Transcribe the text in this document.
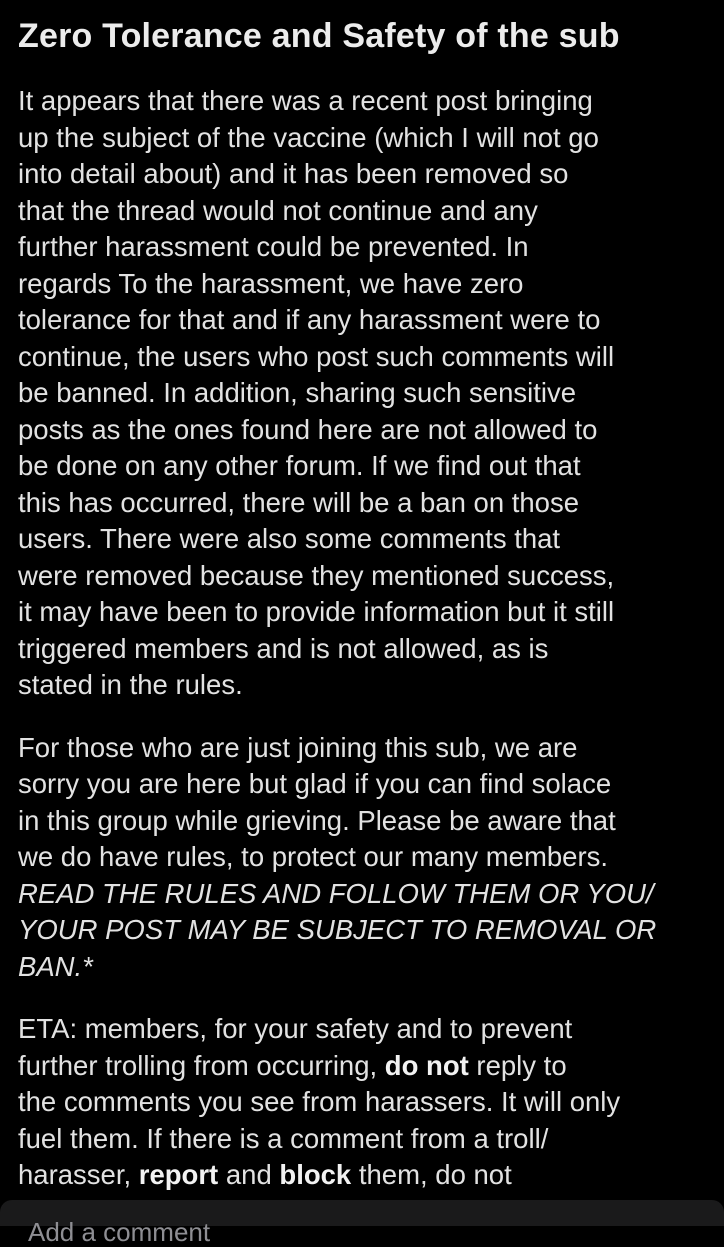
Zero Tolerance and Safety of the sub

It appears that there was a recent post bringing
up the subject of the vaccine (which I will not go
into detail about) and it has been removed so
that the thread would not continue and any
further harassment could be prevented. In
regards To the harassment, we have zero
tolerance for that and if any harassment were to
continue, the users who post such comments will
be banned. In addition, sharing such sensitive
posts as the ones found here are not allowed to
be done on any other forum. If we find out that
this has occurred, there will be a ban on those
users. There were also some comments that
were removed because they mentioned success,
it may have been to provide information but it still
triggered members and is not allowed, as is
stated in the rules.

For those who are just joining this sub, we are
sorry you are here but glad if you can find solace
in this group while grieving. Please be aware that
we do have rules, to protect our many members.
READ THE RULES AND FOLLOW THEM OR YOU/
YOUR POST MAY BE SUBJECT TO REMOVAL OR
BAN.*

ETA: members, for your safety and to prevent
further trolling from occurring, do not reply to
the comments you see from harassers. It will only
fuel them. If there is a comment from a troll/
harasser, report and block them, do not

Add a comment
